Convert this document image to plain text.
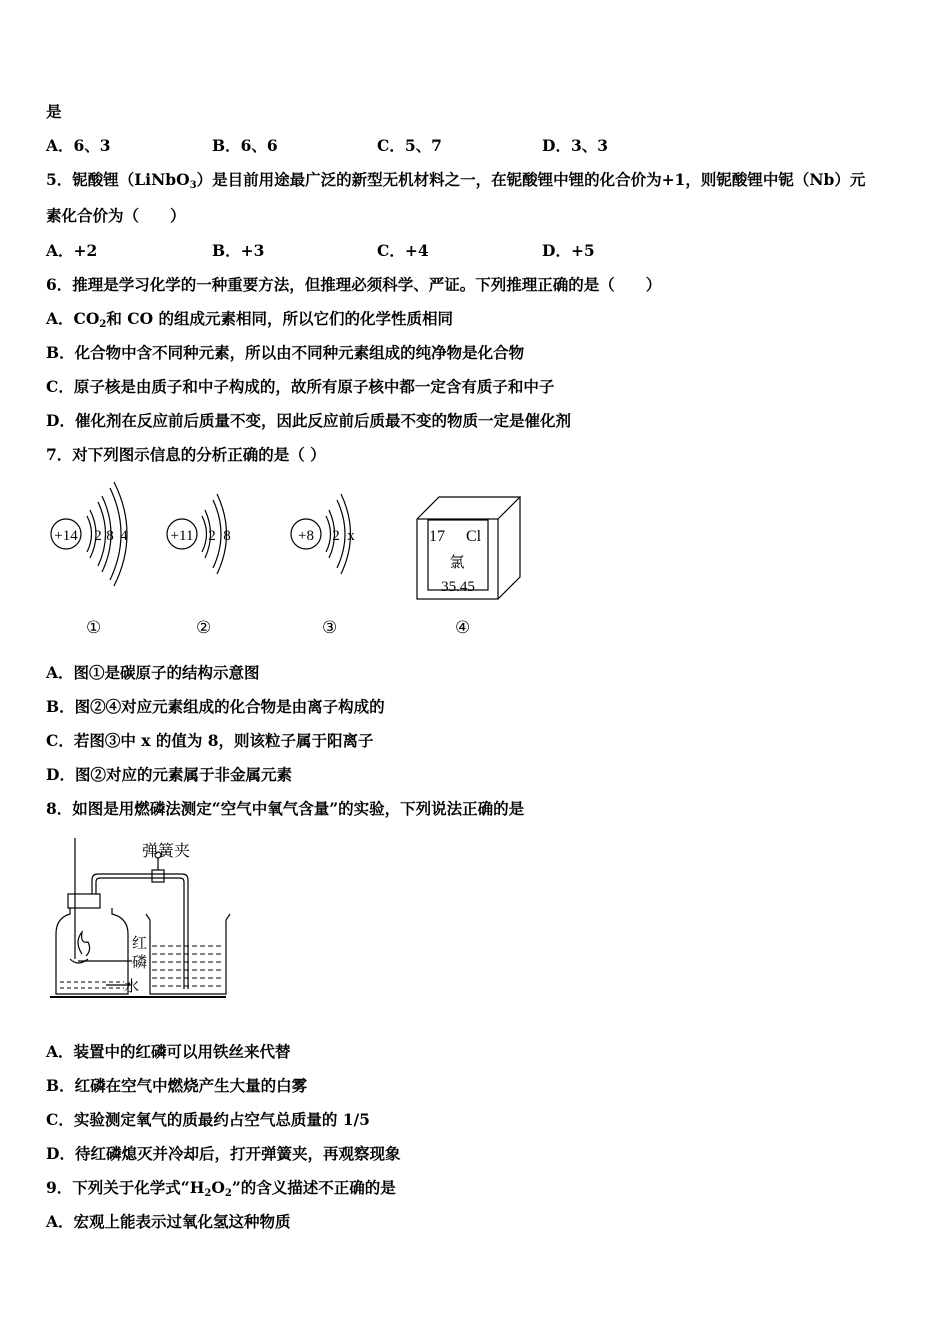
是
A．6、3	B．6、6	C．5、7	D．3、3
5．铌酸锂（LiNbO$_3$）是目前用途最广泛的新型无机材料之一，在铌酸锂中锂的化合价为+1，则铌酸锂中铌（Nb）元
素化合价为（　　）
A．+2	B．+3	C．+4	D．+5
6．推理是学习化学的一种重要方法，但推理必须科学、严证。下列推理正确的是（　　）
A．$CO_2$和 CO 的组成元素相同，所以它们的化学性质相同
B．化合物中含不同种元素，所以由不同种元素组成的纯净物是化合物
C．原子核是由质子和中子构成的，故所有原子核中都一定含有质子和中子
D．催化剂在反应前后质量不变，因此反应前后质最不变的物质一定是催化剂
7．对下列图示信息的分析正确的是（ ）
+14 2 8 4	+11 2 8	+8 2 x	17 Cl
氯
35.45
①	②	③	④
A．图①是碳原子的结构示意图
B．图②④对应元素组成的化合物是由离子构成的
C．若图③中 x 的值为 8，则该粒子属于阳离子
D．图②对应的元素属于非金属元素
8．如图是用燃磷法测定“空气中氧气含量”的实验，下列说法正确的是
弹簧夹
红
磷
水
A．装置中的红磷可以用铁丝来代替
B．红磷在空气中燃烧产生大量的白雾
C．实验测定氧气的质最约占空气总质量的 1/5
D．待红磷熄灭并冷却后，打开弹簧夹，再观察现象
9．下列关于化学式“$H_2O_2$”的含义描述不正确的是
A．宏观上能表示过氧化氢这种物质
